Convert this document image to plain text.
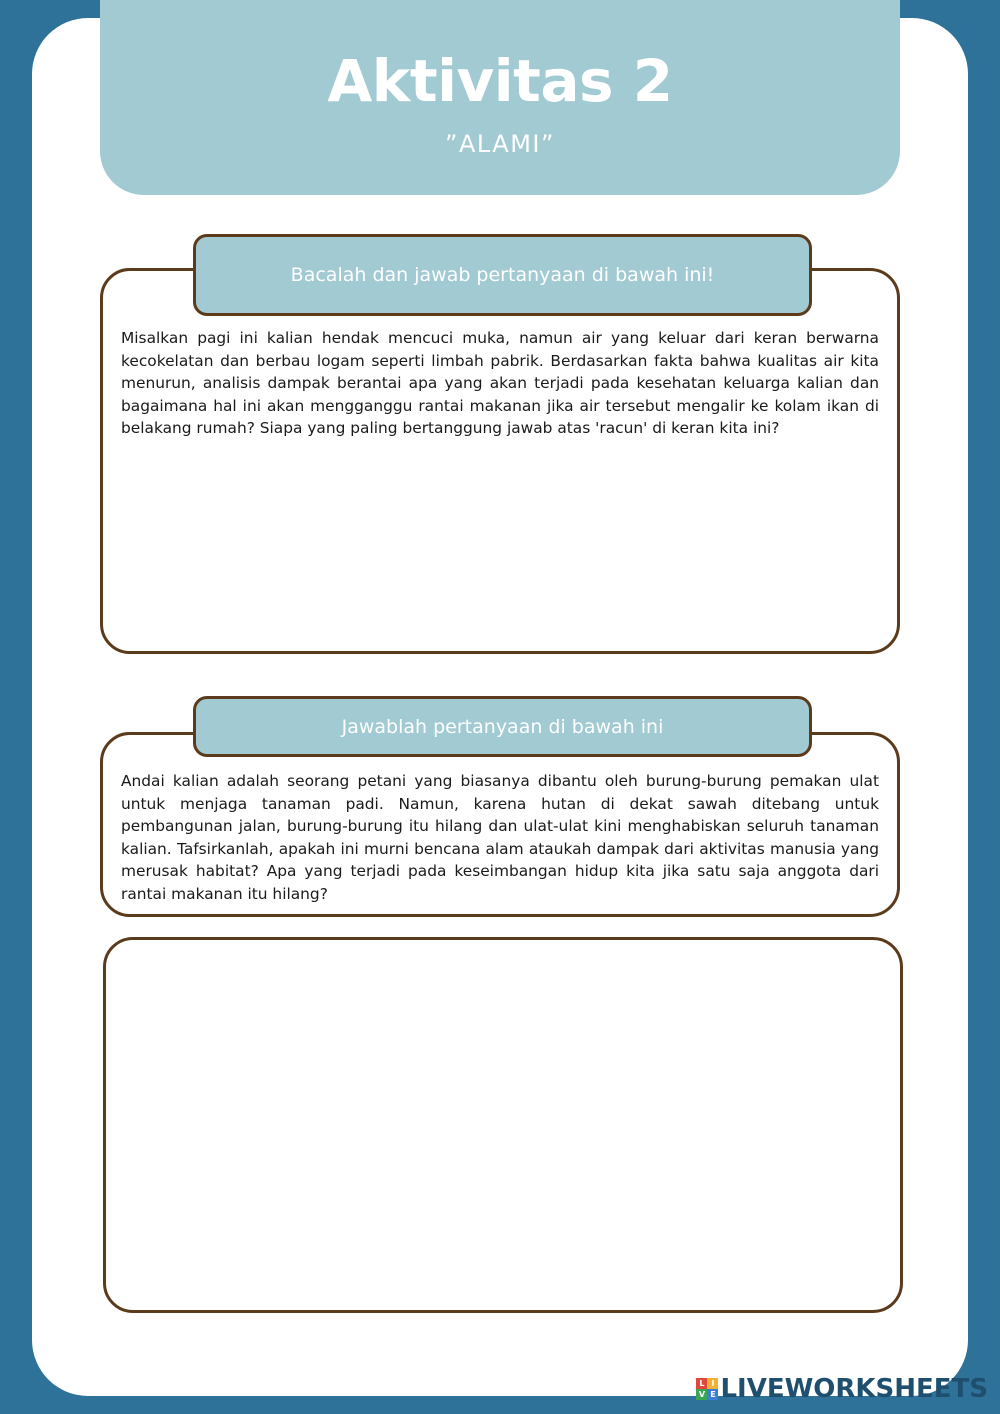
Aktivitas 2
”ALAMI”
Bacalah dan jawab pertanyaan di bawah ini!

Misalkan pagi ini kalian hendak mencuci muka, namun air yang keluar dari keran berwarna kecokelatan dan berbau logam seperti limbah pabrik. Berdasarkan fakta bahwa kualitas air kita menurun, analisis dampak berantai apa yang akan terjadi pada kesehatan keluarga kalian dan bagaimana hal ini akan mengganggu rantai makanan jika air tersebut mengalir ke kolam ikan di belakang rumah? Siapa yang paling bertanggung jawab atas 'racun' di keran kita ini?

Jawablah pertanyaan di bawah ini

Andai kalian adalah seorang petani yang biasanya dibantu oleh burung-burung pemakan ulat untuk menjaga tanaman padi. Namun, karena hutan di dekat sawah ditebang untuk pembangunan jalan, burung-burung itu hilang dan ulat-ulat kini menghabiskan seluruh tanaman kalian. Tafsirkanlah, apakah ini murni bencana alam ataukah dampak dari aktivitas manusia yang merusak habitat? Apa yang terjadi pada keseimbangan hidup kita jika satu saja anggota dari rantai makanan itu hilang?

L I
V E LIVEWORKSHEETS
